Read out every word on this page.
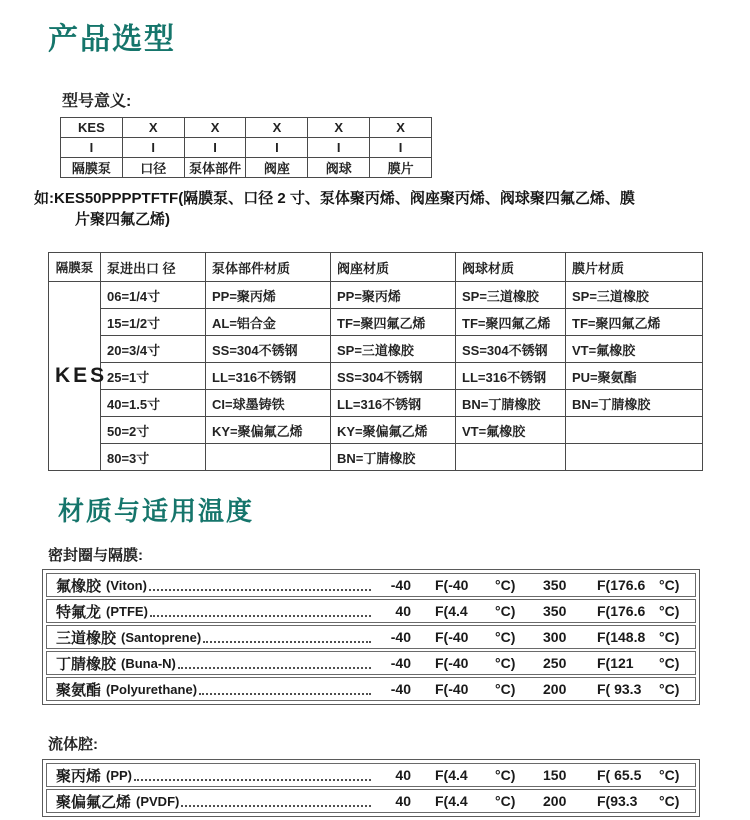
产品选型
型号意义:
KES	X	X	X	X	X
I	I	I	I	I	I
隔膜泵	口径	泵体部件	阀座	阀球	膜片
如:KES50PPPPTFTF(隔膜泵、口径 2 寸、泵体聚丙烯、阀座聚丙烯、阀球聚四氟乙烯、膜
片聚四氟乙烯)
隔膜泵	泵进出口 径	泵体部件材质	阀座材质	阀球材质	膜片材质
KES	06=1/4寸	PP=聚丙烯	PP=聚丙烯	SP=三道橡胶	SP=三道橡胶
	15=1/2寸	AL=铝合金	TF=聚四氟乙烯	TF=聚四氟乙烯	TF=聚四氟乙烯
	20=3/4寸	SS=304不锈钢	SP=三道橡胶	SS=304不锈钢	VT=氟橡胶
	25=1寸	LL=316不锈钢	SS=304不锈钢	LL=316不锈钢	PU=聚氨酯
	40=1.5寸	CI=球墨铸铁	LL=316不锈钢	BN=丁腈橡胶	BN=丁腈橡胶
	50=2寸	KY=聚偏氟乙烯	KY=聚偏氟乙烯	VT=氟橡胶	
	80=3寸		BN=丁腈橡胶		
材质与适用温度
密封圈与隔膜:
氟橡胶 (Viton)	-40 F(-40	°C)	350	F(176.6 °C)
特氟龙 (PTFE)	40 F(4.4	°C)	350	F(176.6 °C)
三道橡胶 (Santoprene)	-40 F(-40	°C)	300	F(148.8 °C)
丁腈橡胶 (Buna-N)	-40 F(-40	°C)	250	F(121	°C)
聚氨酯 (Polyurethane)	-40 F(-40	°C)	200	F( 93.3	°C)
流体腔:
聚丙烯 (PP)	40 F(4.4	°C)	150	F( 65.5	°C)
聚偏氟乙烯 (PVDF)	40 F(4.4	°C)	200	F(93.3	°C)
